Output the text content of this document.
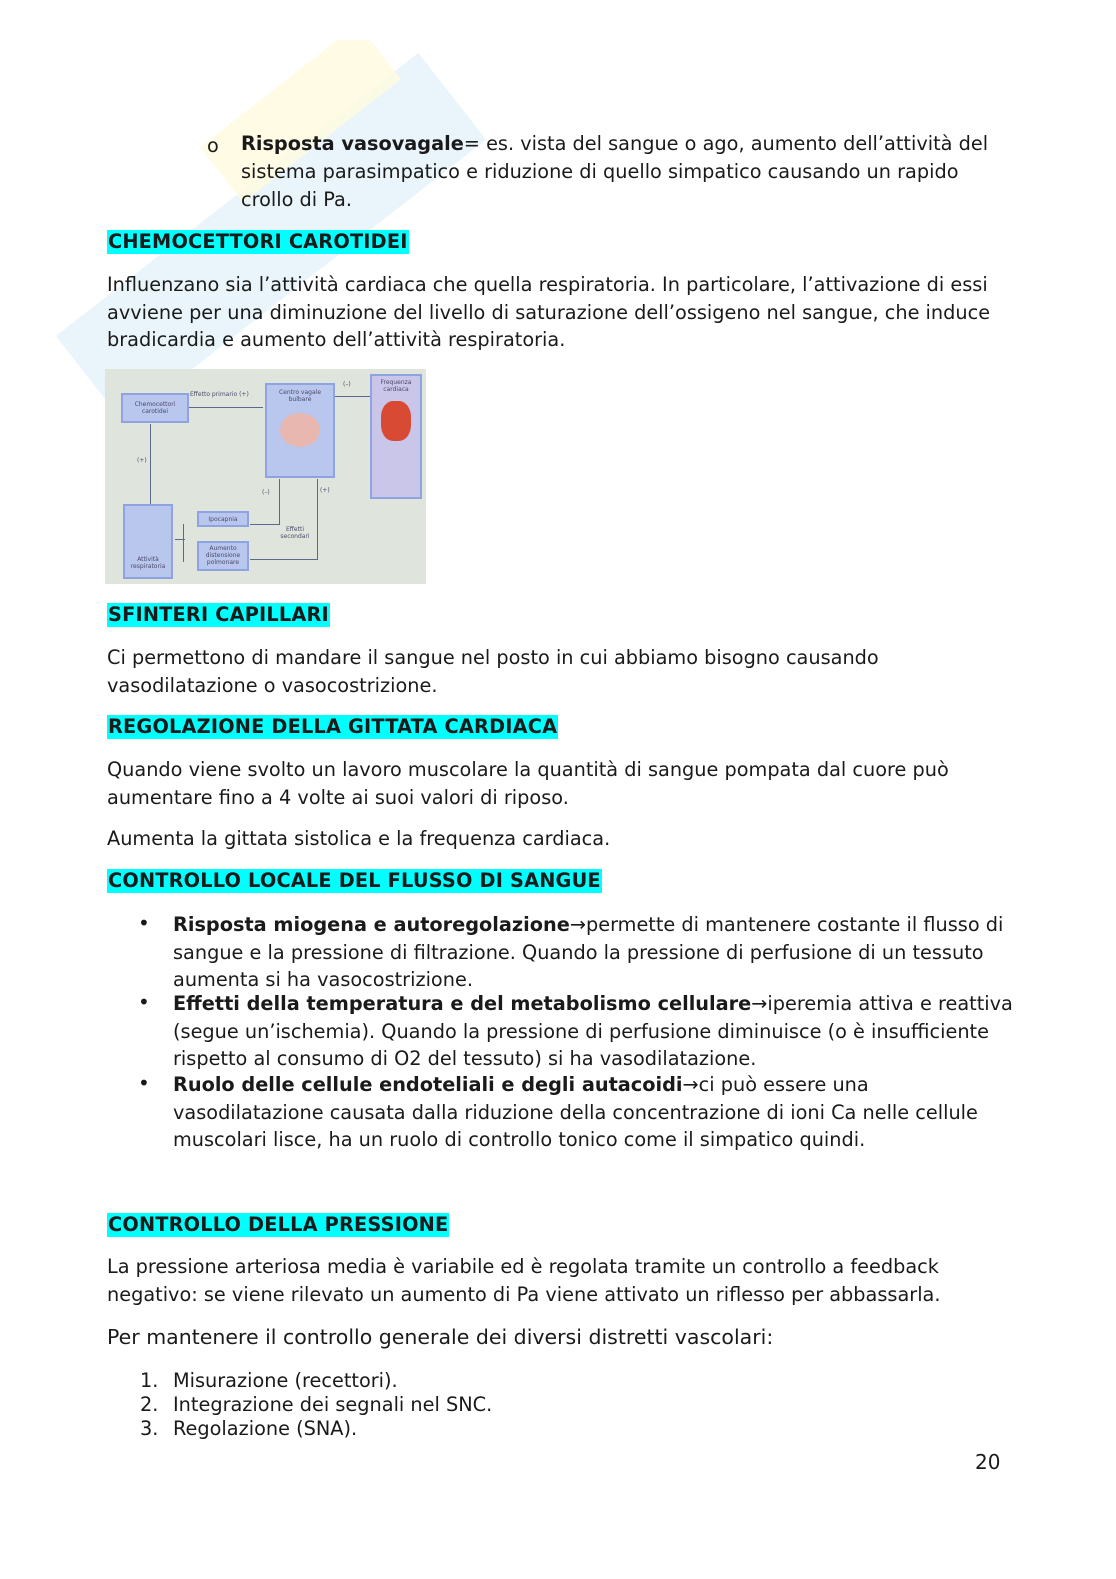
o Risposta vasovagale= es. vista del sangue o ago, aumento dell’attività del sistema parasimpatico e riduzione di quello simpatico causando un rapido crollo di Pa.
CHEMOCETTORI CAROTIDEI
Influenzano sia l’attività cardiaca che quella respiratoria. In particolare, l’attivazione di essi avviene per una diminuzione del livello di saturazione dell’ossigeno nel sangue, che induce bradicardia e aumento dell’attività respiratoria.
Chemocettori carotidei
Effetto primario (+)	Centro vagale bulbare
(–)	Frequenza cardiaca
(+)
Attività respiratoria
Ipocapnia
Aumento distensione polmonare
(–)	(+)
Effetti secondari
SFINTERI CAPILLARI
Ci permettono di mandare il sangue nel posto in cui abbiamo bisogno causando vasodilatazione o vasocostrizione.
REGOLAZIONE DELLA GITTATA CARDIACA
Quando viene svolto un lavoro muscolare la quantità di sangue pompata dal cuore può aumentare fino a 4 volte ai suoi valori di riposo.
Aumenta la gittata sistolica e la frequenza cardiaca.
CONTROLLO LOCALE DEL FLUSSO DI SANGUE
• Risposta miogena e autoregolazione→permette di mantenere costante il flusso di sangue e la pressione di filtrazione. Quando la pressione di perfusione di un tessuto aumenta si ha vasocostrizione.
• Effetti della temperatura e del metabolismo cellulare→iperemia attiva e reattiva (segue un’ischemia). Quando la pressione di perfusione diminuisce (o è insufficiente rispetto al consumo di O2 del tessuto) si ha vasodilatazione.
• Ruolo delle cellule endoteliali e degli autacoidi→ci può essere una vasodilatazione causata dalla riduzione della concentrazione di ioni Ca nelle cellule muscolari lisce, ha un ruolo di controllo tonico come il simpatico quindi.
CONTROLLO DELLA PRESSIONE
La pressione arteriosa media è variabile ed è regolata tramite un controllo a feedback negativo: se viene rilevato un aumento di Pa viene attivato un riflesso per abbassarla.
Per mantenere il controllo generale dei diversi distretti vascolari:
1. Misurazione (recettori).
2. Integrazione dei segnali nel SNC.
3. Regolazione (SNA).
20
